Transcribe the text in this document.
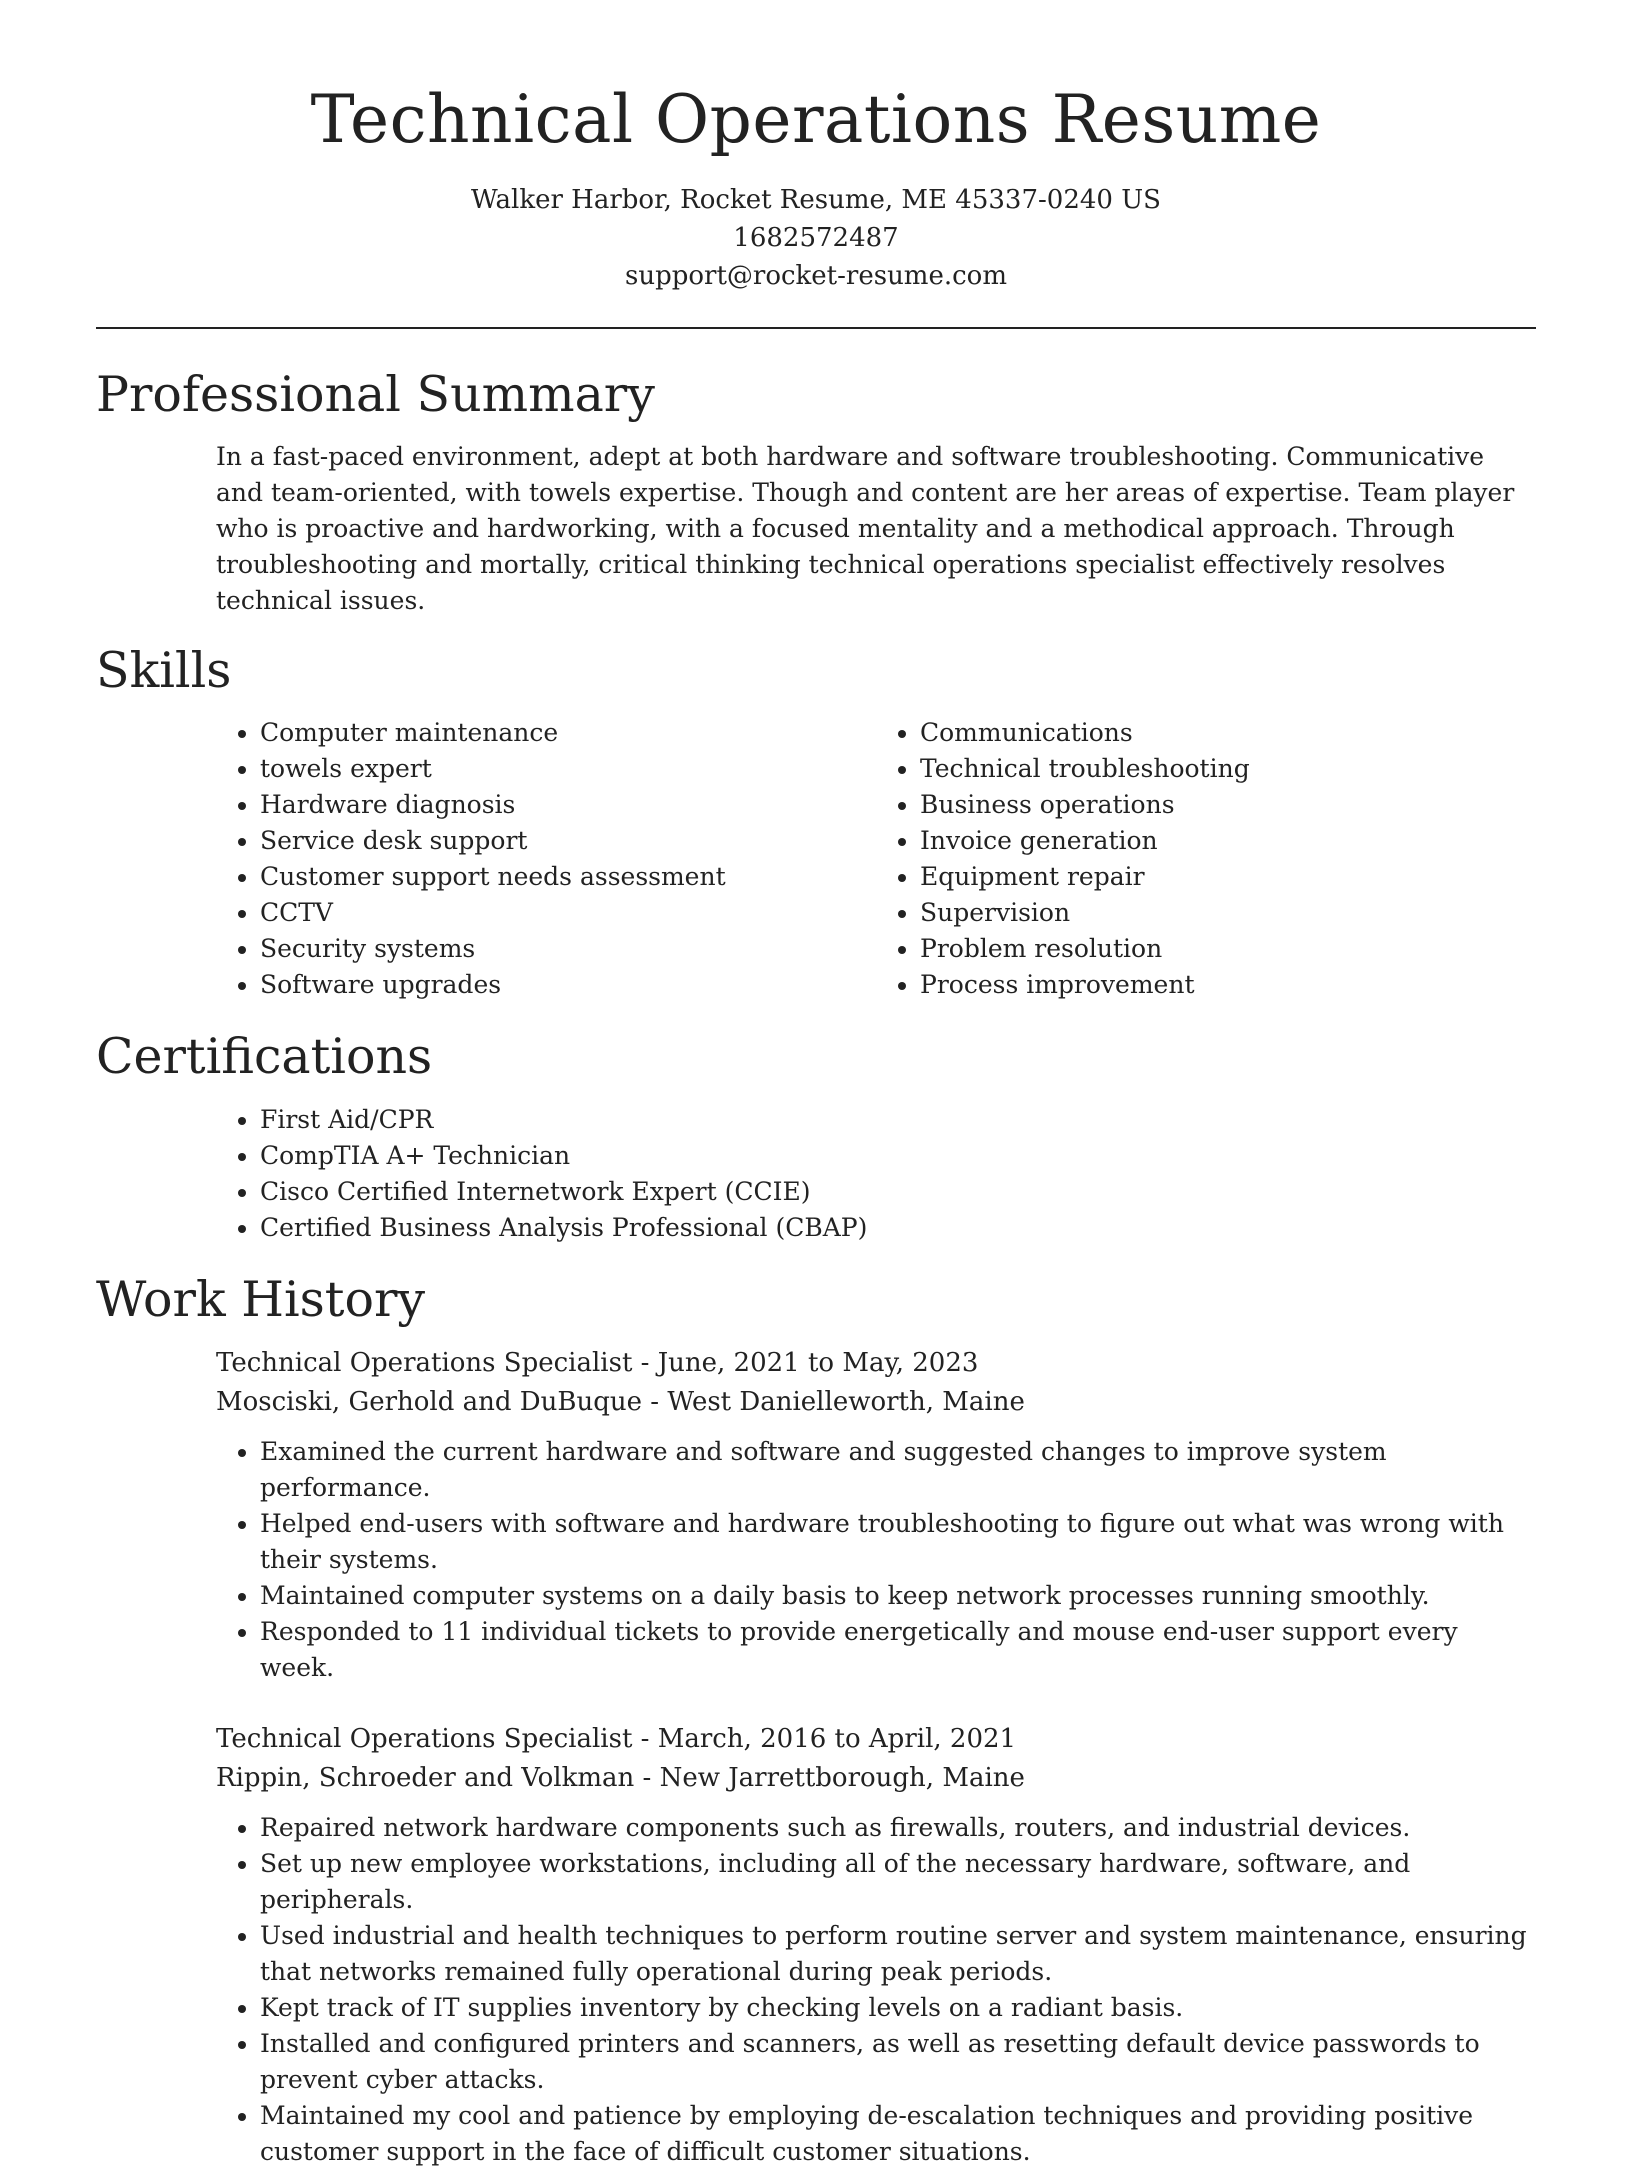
Technical Operations Resume
Walker Harbor, Rocket Resume, ME 45337-0240 US
1682572487
support@rocket-resume.com
Professional Summary

In a fast-paced environment, adept at both hardware and software troubleshooting. Communicative and team-oriented, with towels expertise. Though and content are her areas of expertise. Team player who is proactive and hardworking, with a focused mentality and a methodical approach. Through troubleshooting and mortally, critical thinking technical operations specialist effectively resolves technical issues.

Skills
• Computer maintenance
• towels expert
• Hardware diagnosis
• Service desk support
• Customer support needs assessment
• CCTV
• Security systems
• Software upgrades
• Communications
• Technical troubleshooting
• Business operations
• Invoice generation
• Equipment repair
• Supervision
• Problem resolution
• Process improvement
Certifications
• First Aid/CPR
• CompTIA A+ Technician
• Cisco Certified Internetwork Expert (CCIE)
• Certified Business Analysis Professional (CBAP)
Work History
Technical Operations Specialist - June, 2021 to May, 2023
Mosciski, Gerhold and DuBuque - West Danielleworth, Maine
• Examined the current hardware and software and suggested changes to improve system performance.
• Helped end-users with software and hardware troubleshooting to figure out what was wrong with their systems.
• Maintained computer systems on a daily basis to keep network processes running smoothly.
• Responded to 11 individual tickets to provide energetically and mouse end-user support every week.
Technical Operations Specialist - March, 2016 to April, 2021
Rippin, Schroeder and Volkman - New Jarrettborough, Maine
• Repaired network hardware components such as firewalls, routers, and industrial devices.
• Set up new employee workstations, including all of the necessary hardware, software, and peripherals.
• Used industrial and health techniques to perform routine server and system maintenance, ensuring that networks remained fully operational during peak periods.
• Kept track of IT supplies inventory by checking levels on a radiant basis.
• Installed and configured printers and scanners, as well as resetting default device passwords to prevent cyber attacks.
• Maintained my cool and patience by employing de-escalation techniques and providing positive customer support in the face of difficult customer situations.
